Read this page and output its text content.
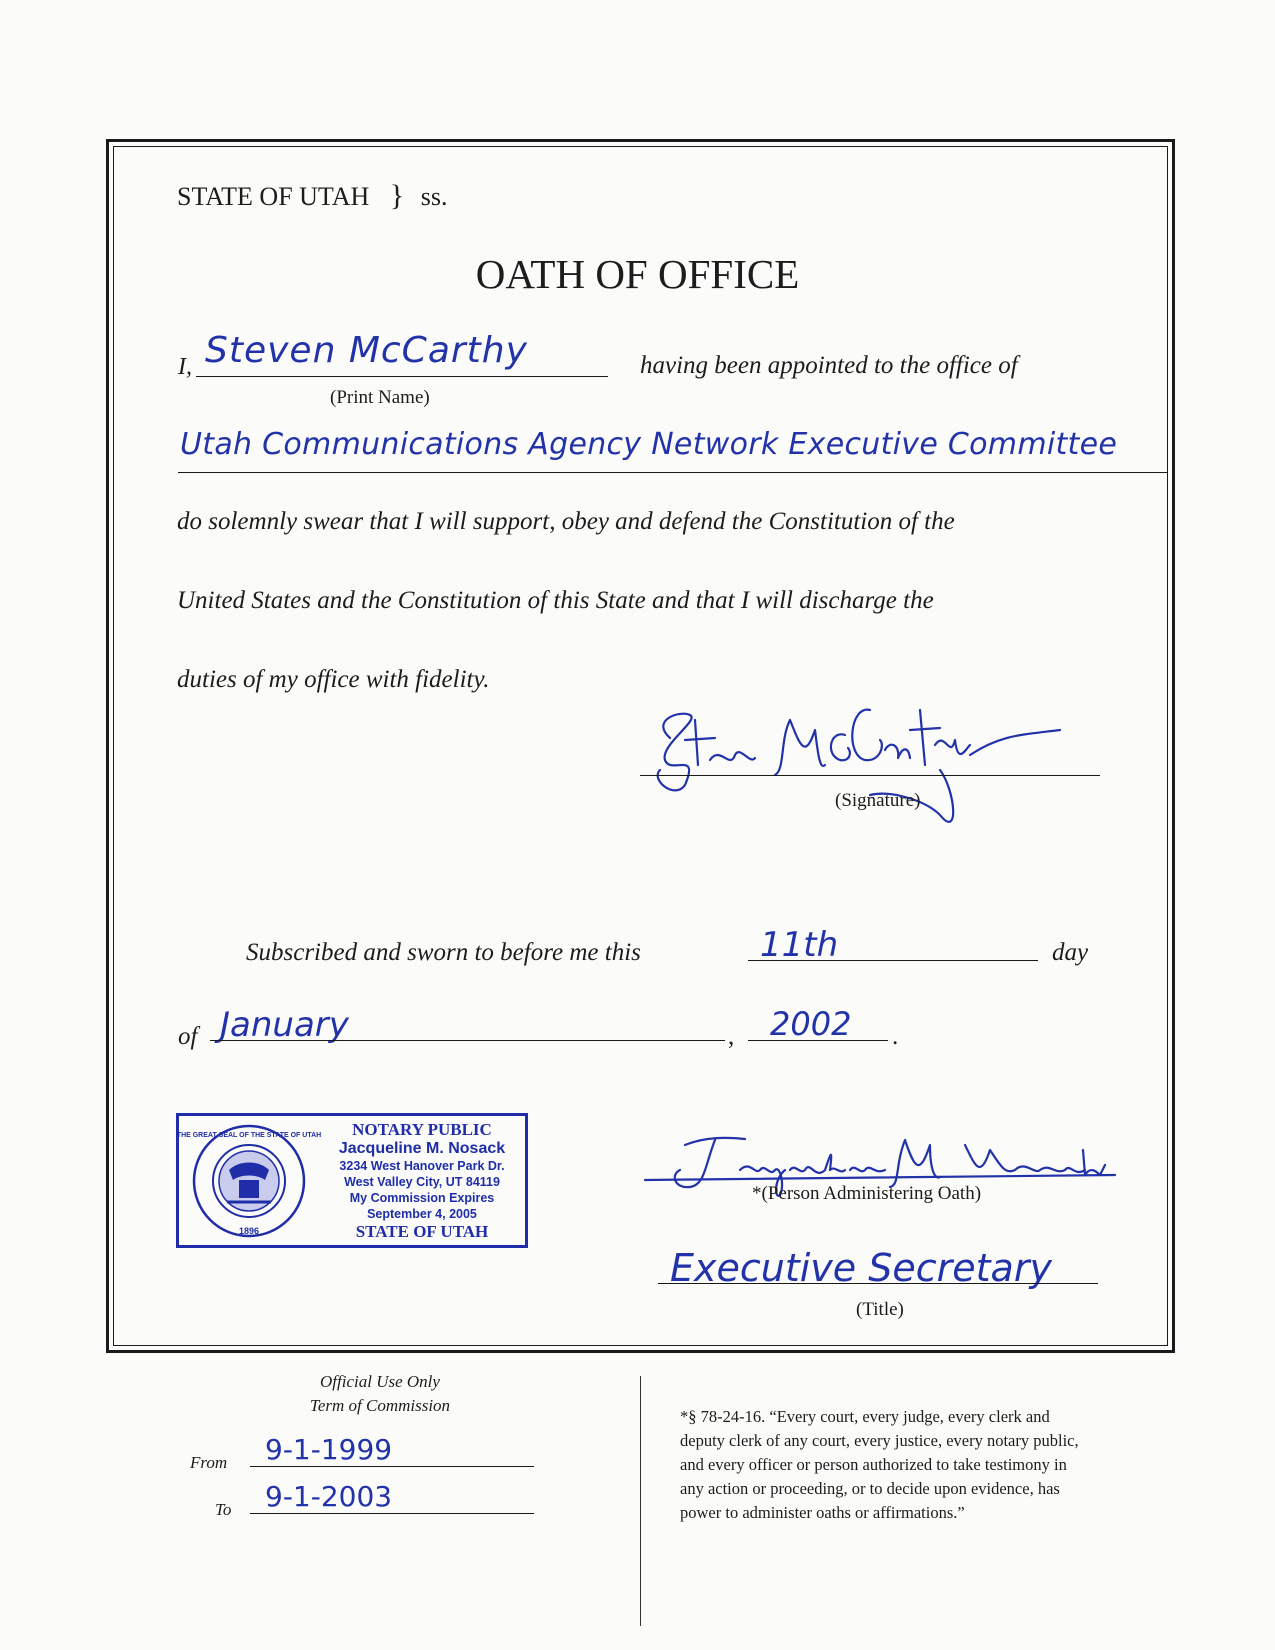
STATE OF UTAH } ss.
OATH OF OFFICE
I, Steven McCarthy
(Print Name)
having been appointed to the office of
Utah Communications Agency Network Executive Committee
do solemnly swear that I will support, obey and defend the Constitution of the
United States and the Constitution of this State and that I will discharge the
duties of my office with fidelity.
(Signature)
Subscribed and sworn to before me this	11th	day
of January	, 2002 .
1896
THE GREAT SEAL OF THE STATE OF UTAH	NOTARY PUBLIC
Jacqueline M. Nosack
3234 West Hanover Park Dr.
West Valley City, UT 84119
My Commission Expires
September 4, 2005
STATE OF UTAH
*(Person Administering Oath)
Executive Secretary
(Title)
Official Use Only
Term of Commission
From 9-1-1999
To 9-1-2003
*§ 78-24-16. “Every court, every judge, every clerk and
deputy clerk of any court, every justice, every notary public,
and every officer or person authorized to take testimony in
any action or proceeding, or to decide upon evidence, has
power to administer oaths or affirmations.”
